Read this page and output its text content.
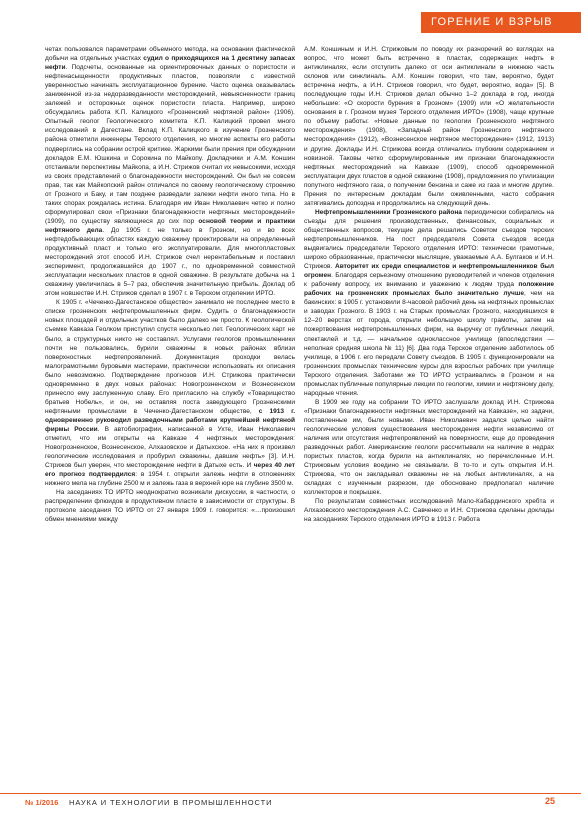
ГОРЕНИЕ И ВЗРЫВ

четах пользовался параметрами объемного метода, на основании фактической добычи на отдельных участках судил о приходящихся на 1 десятину запасах нефти. Подсчеты, основанные на ориентировочных данных о пористости и нефтенасыщенности продуктивных пластов, позволяли с известной уверенностью начинать эксплуатационное бурение. Часто оценка оказывалась заниженной из-за недоразведанности месторождений, невыясненности границ залежей и осторожных оценок пористости пласта. Например, широко обсуждались работа К.П. Калицкого «Грозненский нефтяной район» (1906). Опытный геолог Геологического комитета К.П. Калицкий провел много исследований в Дагестане. Вклад К.П. Калицкого в изучение Грозненского района отметили инженеры Терского отделения, но многие аспекты его работы подверглись на собрании острой критике. Жаркими были прения при обсуждении докладов Е.М. Юшкина и Сорокина по Майкопу. Докладчики и А.М. Коншин отстаивали перспективы Майкопа, а И.Н. Стрижов считал их невысокими, исходя из своих представлений о благонадежности месторождений. Он был не совсем прав, так как Майкопский район отличался по своему геологическому строению от Грозного и Баку, и там позднее разведали залежи нефти иного типа. Но в таких спорах рождалась истина. Благодаря им Иван Николаевич четко и полно сформулировал свои «Признаки благонадежности нефтяных месторождений» (1909), по существу являющиеся до сих пор основой теории и практики нефтяного дела. До 1905 г. не только в Грозном, но и во всех нефтедобывающих областях каждую скважину проектировали на определенный продуктивный пласт и только его эксплуатировали. Для многопластовых месторождений этот способ И.Н. Стрижов счел нерентабельным и поставил эксперимент, продолжавшийся до 1907 г., по одновременной совместной эксплуатации нескольких пластов в одной скважине. В результате добыча на 1 скважину увеличилась в 5–7 раз, обеспечив значительную прибыль. Доклад об этом новшестве И.Н. Стрижов сделал в 1907 г. в Терском отделении ИРТО.

К 1905 г. «Чеченко-Дагестанское общество» занимало не последнее место в списке грозненских нефтепромышленных фирм. Судить о благонадежности новых площадей и отдельных участков было далеко не просто. К геологической съемке Кавказа Геолком приступил спустя несколько лет. Геологических карт не было, а структурных никто не составлял. Услугами геологов промышленники почти не пользовались, бурили скважины в новых районах вблизи поверхностных нефтепроявлений. Документация проходки велась малограмотными буровыми мастерами, практически использовать их описания было невозможно. Подтверждение прогнозов И.Н. Стрижова практически одновременно в двух новых районах: Новогрозненском и Вознесенском принесло ему заслуженную славу. Его пригласило на службу «Товарищество братьев Нобель», и он, не оставляя поста заведующего Грозненскими нефтяными промыслами в Чеченко-Дагестанском обществе, с 1913 г. одновременно руководил разведочными работами крупнейшей нефтяной фирмы России. В автобиографии, написанной в Ухте, Иван Николаевич отметил, что им открыты на Кавказе 4 нефтяных месторождения: Новогрозненское, Вознесенское, Алхазовское и Датыхское. «На них я произвел геологические исследования и пробурил скважины, давшие нефть» [3]. И.Н. Стрижов был уверен, что месторождение нефти в Датыхе есть. И через 40 лет его прогноз подтвердился: в 1954 г. открыли залежь нефти в отложениях нижнего мела на глубине 2500 м и залежь газа в верхней юре на глубине 3500 м.

На заседаниях ТО ИРТО неоднократно возникали дискуссии, в частности, о распределении флюидов в продуктивном пласте в зависимости от структуры. В протоколе заседания ТО ИРТО от 27 января 1909 г. говорится: «…произошел обмен мнениями между

А.М. Коншиным и И.Н. Стрижовым по поводу их разноречий во взглядах на вопрос, что может быть встречено в пластах, содержащих нефть в антиклиналях, если отступить далеко от оси антиклинали в нижнюю часть склонов или синклиналь. А.М. Коншин говорил, что там, вероятно, будет встречена нефть, а И.Н. Стрижов говорил, что будет, вероятно, вода» [5]. В последующие годы И.Н. Стрижов делал обычно 1–2 доклада в год, иногда небольшие: «О скорости бурения в Грозном» (1909) или «О желательности основания в г. Грозном музея Терского отделения ИРТО» (1908), чаще крупные по объему работы: «Новые данные по геологии Грозненского нефтяного месторождения» (1908), «Западный район Грозненского нефтяного месторождения» (1912), «Вознесенское нефтяное месторождение» (1912, 1913) и другие. Доклады И.Н. Стрижова всегда отличались глубоким содержанием и новизной. Таковы четко сформулированные им признаки благонадежности нефтяных месторождений на Кавказе (1909), способ одновременной эксплуатации двух пластов в одной скважине (1908), предложения по утилизации попутного нефтяного газа, о получении бензина и саже из газа и многие другие. Прения по интересным докладам были оживленными, часто собрания затягивались допоздна и продолжались на следующий день.

Нефтепромышленники Грозненского района периодически собирались на съезды для решения производственных, финансовых, социальных и общественных вопросов, текущие дела решались Советом съездов терских нефтепромышленников. На пост председателя Совета съездов всегда выдвигались председатели Терского отделения ИРТО: технически грамотные, широко образованные, практически мыслящие, уважаемые А.А. Булгаков и И.Н. Стрижов. Авторитет их среди специалистов и нефтепромышленников был огромен. Благодаря серьезному отношению руководителей и членов отделения к рабочему вопросу, их вниманию и уважению к людям труда положение рабочих на грозненских промыслах было значительно лучше, чем на бакинских: в 1905 г. установили 8-часовой рабочий день на нефтяных промыслах и заводах Грозного. В 1903 г. на Старых промыслах Грозного, находившихся в 12–20 верстах от города, открыли небольшую школу грамоты, затем на пожертвования нефтепромышленных фирм, на выручку от публичных лекций, спектаклей и т.д. — начальное одноклассное училище (впоследствии — неполная средняя школа № 11) [6]. Два года Терское отделение заботилось об училище, в 1906 г. его передали Совету съездов. В 1905 г. функционировали на грозненских промыслах технические курсы для взрослых рабочих при училище Терского отделения. Заботами же ТО ИРТО устраивались в Грозном и на промыслах публичные популярные лекции по геологии, химии и нефтяному делу, народные чтения.

В 1909 же году на собрании ТО ИРТО заслушали доклад И.Н. Стрижова «Признаки благонадежности нефтяных месторождений на Кавказе», но задачи, поставленные им, были новыми. Иван Николаевич задался целью найти геологические условия существования месторождения нефти независимо от наличия или отсутствия нефтепроявлений на поверхности, еще до проведения разведочных работ. Американские геологи рассчитывали на наличие в недрах пористых пластов, когда бурили на антиклиналях, но перечисленные И.Н. Стрижовым условия воедино не связывали. В то-то и суть открытия И.Н. Стрижова, что он закладывал скважины не на любых антиклиналях, а на складках с изученным разрезом, где обосновано предполагал наличие коллекторов и покрышек.

По результатам совместных исследований Мало-Кабардинского хребта и Алхазовского месторождения А.С. Савченко и И.Н. Стрижова сделаны доклады на заседаниях Терского отделения ИРТО в 1913 г. Работа

№ 1/2016 НАУКА И ТЕХНОЛОГИИ В ПРОМЫШЛЕННОСТИ	25
